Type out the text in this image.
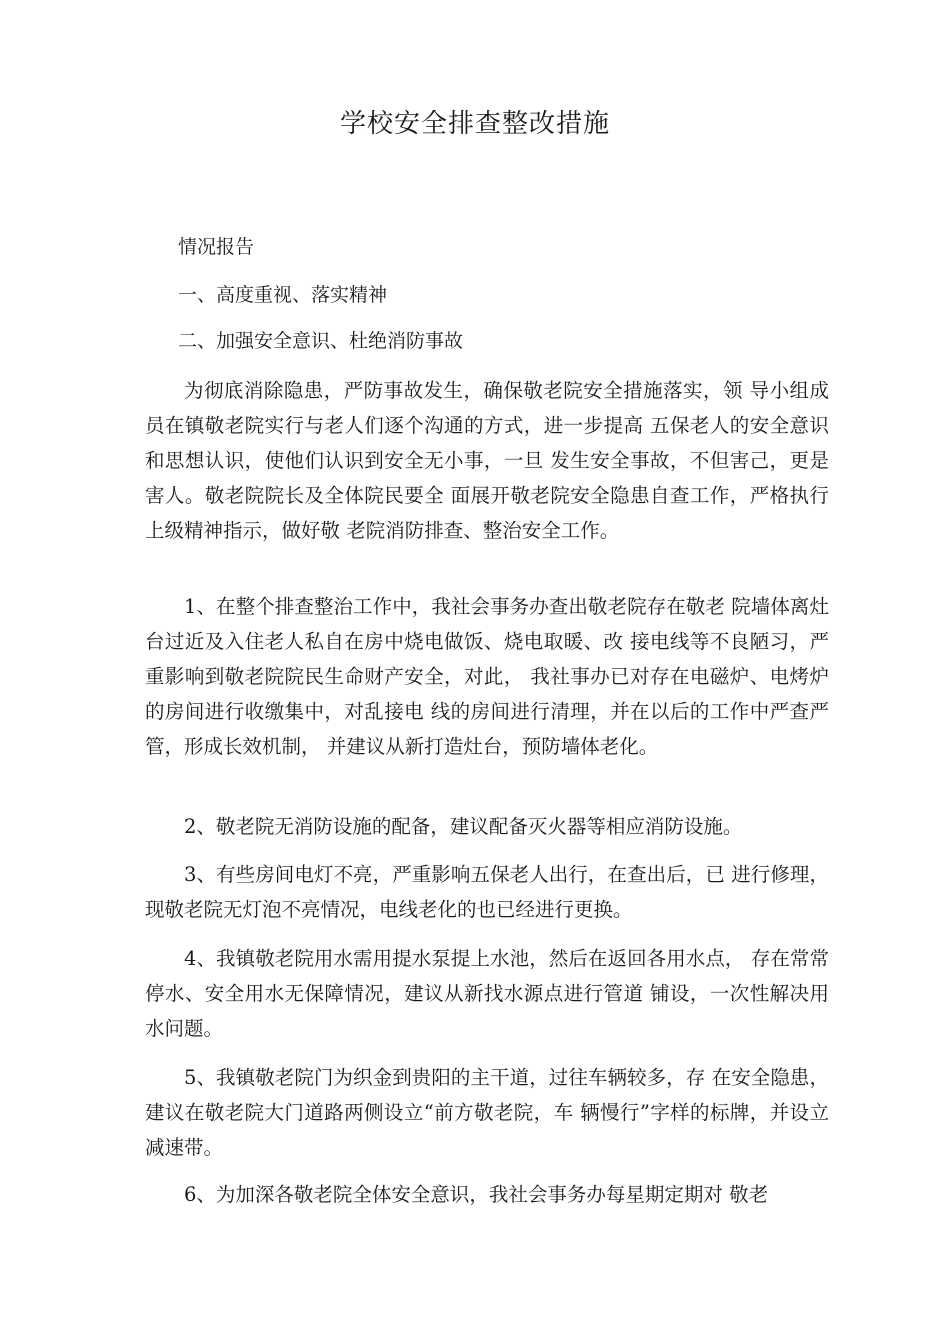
学校安全排查整改措施
情况报告
一、高度重视、落实精神
二、加强安全意识、杜绝消防事故
为彻底消除隐患，严防事故发生，确保敬老院安全措施落实，领 导小组成员在镇敬老院实行与老人们逐个沟通的方式，进一步提高 五保老人的安全意识和思想认识，使他们认识到安全无小事，一旦 发生安全事故，不但害己，更是害人。敬老院院长及全体院民要全 面展开敬老院安全隐患自查工作，严格执行上级精神指示，做好敬 老院消防排查、整治安全工作。
1、在整个排查整治工作中，我社会事务办查出敬老院存在敬老 院墙体离灶台过近及入住老人私自在房中烧电做饭、烧电取暖、改 接电线等不良陋习，严重影响到敬老院院民生命财产安全，对此， 我社事办已对存在电磁炉、电烤炉的房间进行收缴集中，对乱接电 线的房间进行清理，并在以后的工作中严查严管，形成长效机制， 并建议从新打造灶台，预防墙体老化。
2、敬老院无消防设施的配备，建议配备灭火器等相应消防设施。
3、有些房间电灯不亮，严重影响五保老人出行，在查出后，已 进行修理，现敬老院无灯泡不亮情况，电线老化的也已经进行更换。
4、我镇敬老院用水需用提水泵提上水池，然后在返回各用水点， 存在常常停水、安全用水无保障情况，建议从新找水源点进行管道 铺设，一次性解决用水问题。
5、我镇敬老院门为织金到贵阳的主干道，过往车辆较多，存 在安全隐患，建议在敬老院大门道路两侧设立“前方敬老院，车 辆慢行”字样的标牌，并设立减速带。
6、为加深各敬老院全体安全意识，我社会事务办每星期定期对 敬老
